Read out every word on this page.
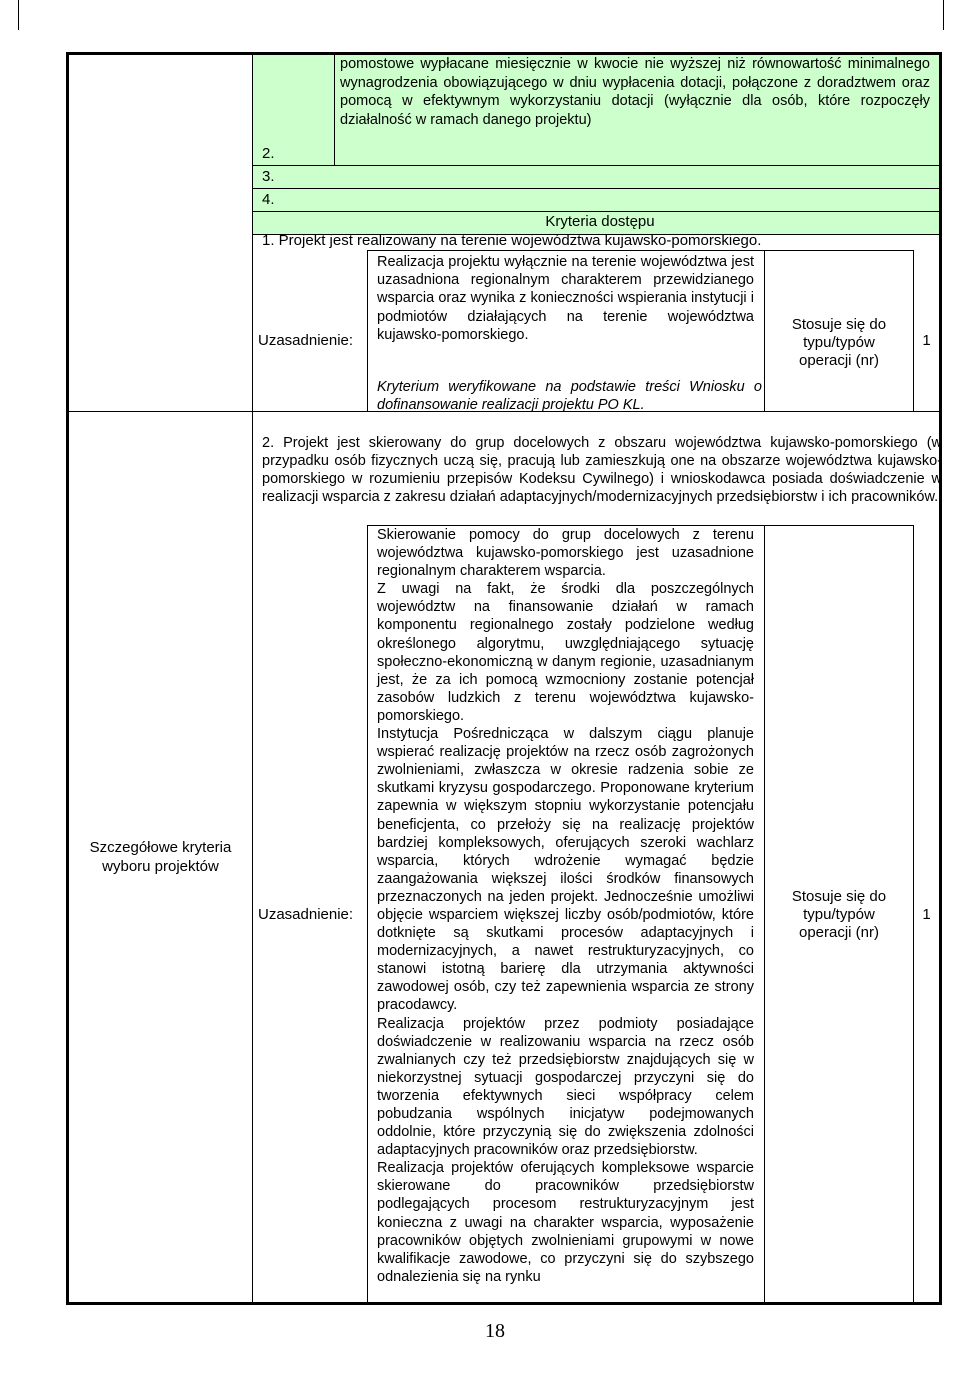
pomostowe wypłacane miesięcznie w kwocie nie wyższej niż równowartość minimalnego wynagrodzenia obowiązującego w dniu wypłacenia dotacji, połączone z doradztwem oraz pomocą w efektywnym wykorzystaniu dotacji (wyłącznie dla osób, które rozpoczęły działalność w ramach danego projektu)
2.
3.
4.
Kryteria dostępu
1. Projekt jest realizowany na terenie województwa kujawsko-pomorskiego.
Uzasadnienie:
Realizacja projektu wyłącznie na terenie województwa jest uzasadniona regionalnym charakterem przewidzianego wsparcia oraz wynika z konieczności wspierania instytucji i podmiotów działających na terenie województwa kujawsko-pomorskiego.
Kryterium weryfikowane na podstawie treści Wniosku o dofinansowanie realizacji projektu PO KL.
Stosuje się do typu/typów operacji (nr)
1
Szczegółowe kryteria wyboru projektów
2. Projekt jest skierowany do grup docelowych z obszaru województwa kujawsko-pomorskiego (w przypadku osób fizycznych uczą się, pracują lub zamieszkują one na obszarze województwa kujawsko-pomorskiego w rozumieniu przepisów Kodeksu Cywilnego) i wnioskodawca posiada doświadczenie w realizacji wsparcia z zakresu działań adaptacyjnych/modernizacyjnych przedsiębiorstw i ich pracowników.
Uzasadnienie:

Skierowanie pomocy do grup docelowych z terenu województwa kujawsko-pomorskiego jest uzasadnione regionalnym charakterem wsparcia.

Z uwagi na fakt, że środki dla poszczególnych województw na finansowanie działań w ramach komponentu regionalnego zostały podzielone według określonego algorytmu, uwzględniającego sytuację społeczno-ekonomiczną w danym regionie, uzasadnianym jest, że za ich pomocą wzmocniony zostanie potencjał zasobów ludzkich z terenu województwa kujawsko-pomorskiego.

Instytucja Pośrednicząca w dalszym ciągu planuje wspierać realizację projektów na rzecz osób zagrożonych zwolnieniami, zwłaszcza w okresie radzenia sobie ze skutkami kryzysu gospodarczego. Proponowane kryterium zapewnia w większym stopniu wykorzystanie potencjału beneficjenta, co przełoży się na realizację projektów bardziej kompleksowych, oferujących szeroki wachlarz wsparcia, których wdrożenie wymagać będzie zaangażowania większej ilości środków finansowych przeznaczonych na jeden projekt. Jednocześnie umożliwi objęcie wsparciem większej liczby osób/podmiotów, które dotknięte są skutkami procesów adaptacyjnych i modernizacyjnych, a nawet restrukturyzacyjnych, co stanowi istotną barierę dla utrzymania aktywności zawodowej osób, czy też zapewnienia wsparcia ze strony pracodawcy.

Realizacja projektów przez podmioty posiadające doświadczenie w realizowaniu wsparcia na rzecz osób zwalnianych czy też przedsiębiorstw znajdujących się w niekorzystnej sytuacji gospodarczej przyczyni się do tworzenia efektywnych sieci współpracy celem pobudzania wspólnych inicjatyw podejmowanych oddolnie, które przyczynią się do zwiększenia zdolności adaptacyjnych pracowników oraz przedsiębiorstw.

Realizacja projektów oferujących kompleksowe wsparcie skierowane do pracowników przedsiębiorstw podlegających procesom restrukturyzacyjnym jest konieczna z uwagi na charakter wsparcia, wyposażenie pracowników objętych zwolnieniami grupowymi w nowe kwalifikacje zawodowe, co przyczyni się do szybszego odnalezienia się na rynku

Stosuje się do typu/typów operacji (nr)
1
18
